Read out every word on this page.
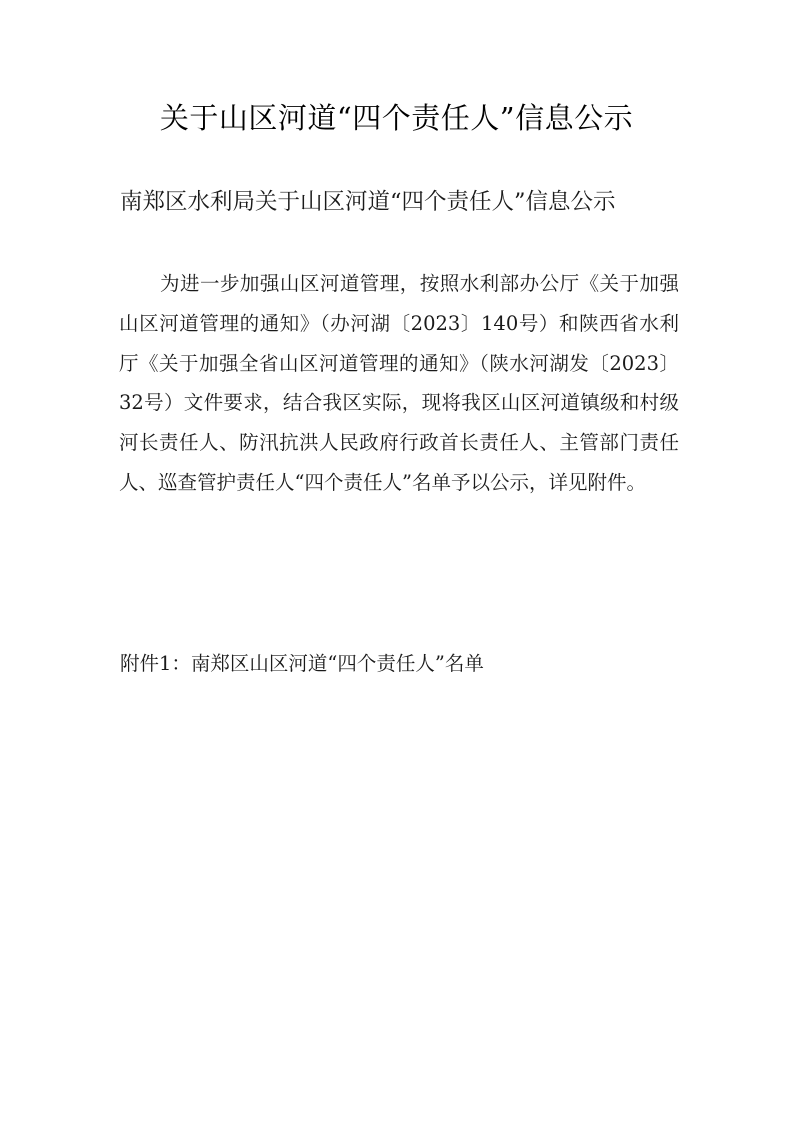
关于山区河道“四个责任人”信息公示
南郑区水利局关于山区河道“四个责任人”信息公示
为进一步加强山区河道管理，按照水利部办公厅《关于加强山区河道管理的通知》（办河湖〔2023〕140号）和陕西省水利厅《关于加强全省山区河道管理的通知》（陕水河湖发〔2023〕32号）文件要求，结合我区实际，现将我区山区河道镇级和村级河长责任人、防汛抗洪人民政府行政首长责任人、主管部门责任人、巡查管护责任人“四个责任人”名单予以公示，详见附件。
附件1：南郑区山区河道“四个责任人”名单
